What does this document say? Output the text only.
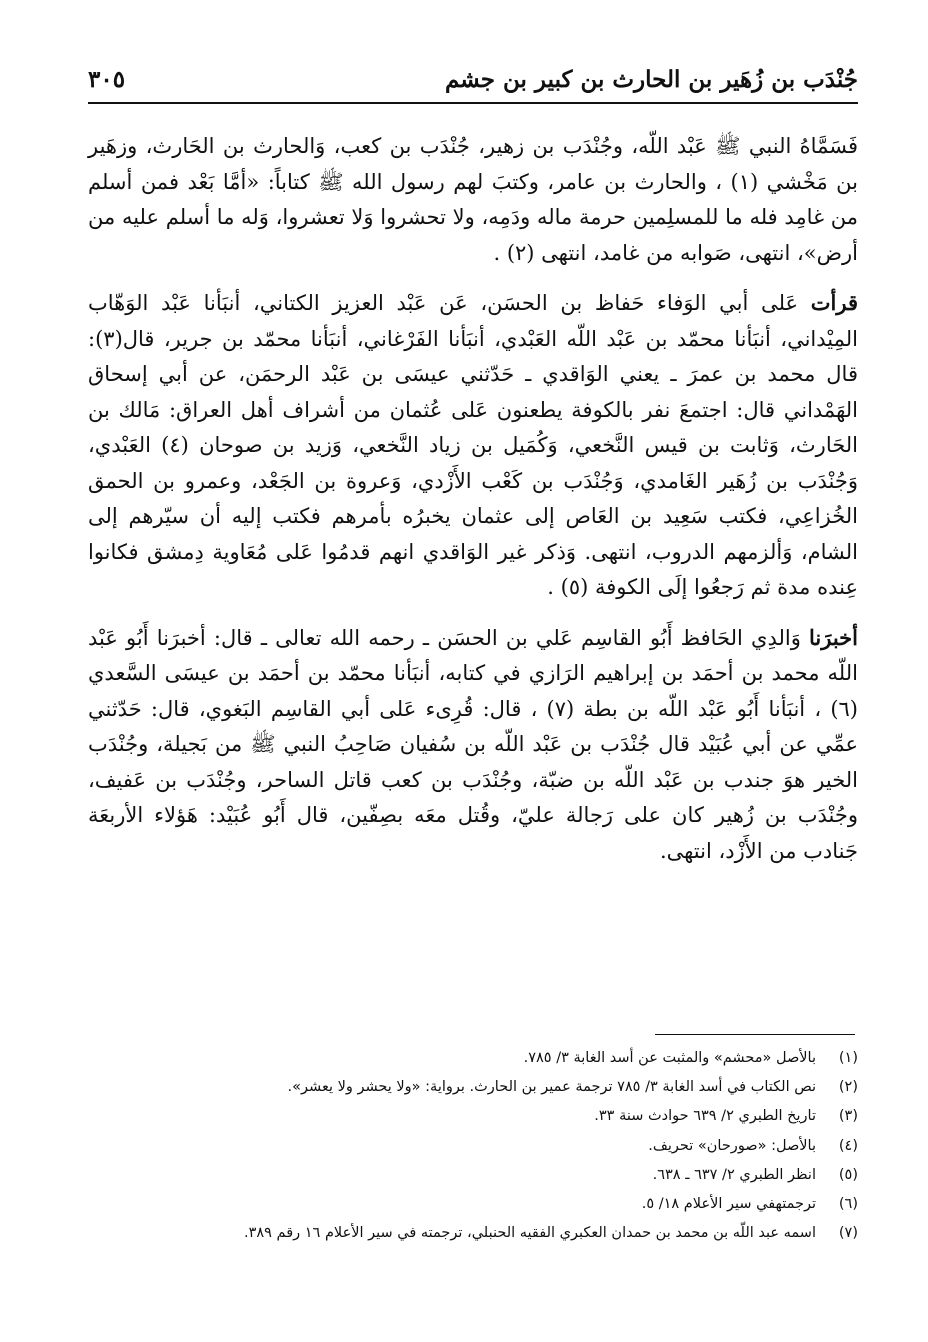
جُنْدَب بن زُهَير بن الحارث بن كبير بن جشم
٣٠٥

فَسَمَّاهُ النبي ﷺ عَبْد اللّه، وجُنْدَب بن زهير، جُنْدَب بن كعب، وَالحارث بن الحَارث، وزهَير بن مَخْشي (١) ، والحارث بن عامر، وكتبَ لهم رسول الله ﷺ كتاباً: «أمَّا بَعْد فمن أسلم من غامِد فله ما للمسلِمين حرمة ماله ودَمِه، ولا تحشروا وَلا تعشروا، وَله ما أسلم عليه من أرض»، انتهى، صَوابه من غامد، انتهى (٢) .

قرأت عَلى أبي الوَفاء حَفاظ بن الحسَن، عَن عَبْد العزيز الكتاني، أنبَأنا عَبْد الوَهّاب المِيْداني، أنبَأنا محمّد بن عَبْد اللّه العَبْدي، أنبَأنا الفَرْغاني، أنبَأنا محمّد بن جرير، قال(٣): قال محمد بن عمرَ ـ يعني الوَاقدي ـ حَدّثني عيسَى بن عَبْد الرحمَن، عن أبي إسحاق الهَمْداني قال: اجتمعَ نفر بالكوفة يطعنون عَلى عُثمان من أشراف أهل العراق: مَالك بن الحَارث، وَثابت بن قيس النَّخعي، وَكُمَيل بن زياد النَّخعي، وَزيد بن صوحان (٤) العَبْدي، وَجُنْدَب بن زُهَير الغَامدي، وَجُنْدَب بن كَعْب الأَزْدي، وَعروة بن الجَعْد، وعمرو بن الحمق الخُزاعِي، فكتب سَعِيد بن العَاص إلى عثمان يخبرُه بأمرهم فكتب إليه أن سيّرهم إلى الشام، وَألزمهم الدروب، انتهى. وَذكر غير الوَاقدي انهم قدمُوا عَلى مُعَاوية دِمشق فكانوا عِنده مدة ثم رَجعُوا إلَى الكوفة (٥) .

أخبرَنا وَالدِي الحَافظ أَبُو القاسِم عَلي بن الحسَن ـ رحمه الله تعالى ـ قال: أخبرَنا أَبُو عَبْد اللّه محمد بن أحمَد بن إبراهيم الرَازي في كتابه، أنبَأنا محمّد بن أحمَد بن عيسَى السَّعدي (٦) ، أنبَأنا أَبُو عَبْد اللّه بن بطة (٧) ، قال: قُرِىء عَلى أبي القاسِم البَغوي، قال: حَدّثني عمِّي عن أبي عُبَيْد قال جُنْدَب بن عَبْد اللّه بن سُفيان صَاحِبُ النبي ﷺ من بَجيلة، وجُنْدَب الخير هوَ جندب بن عَبْد اللّه بن ضبّة، وجُنْدَب بن كعب قاتل الساحر، وجُنْدَب بن عَفيف، وجُنْدَب بن زُهير كان على رَجالة عليّ، وقُتل معَه بصِفّين، قال أَبُو عُبَيْد: هَؤلاء الأربعَة جَنادب من الأَزْد، انتهى.

(١)
بالأصل «محشم» والمثبت عن أسد الغابة ٣/ ٧٨٥.
(٢)
نص الكتاب في أسد الغابة ٣/ ٧٨٥ ترجمة عمير بن الحارث. برواية: «ولا يحشر ولا يعشر».
(٣)
تاريخ الطبري ٢/ ٦٣٩ حوادث سنة ٣٣.
(٤)
بالأصل: «صورحان» تحريف.
(٥)
انظر الطبري ٢/ ٦٣٧ ـ ٦٣٨.
(٦)
ترجمتهفي سير الأعلام ١٨/ ٥.
(٧)
اسمه عبد اللّه بن محمد بن حمدان العكبري الفقيه الحنبلي، ترجمته في سير الأعلام ١٦ رقم ٣٨٩.
